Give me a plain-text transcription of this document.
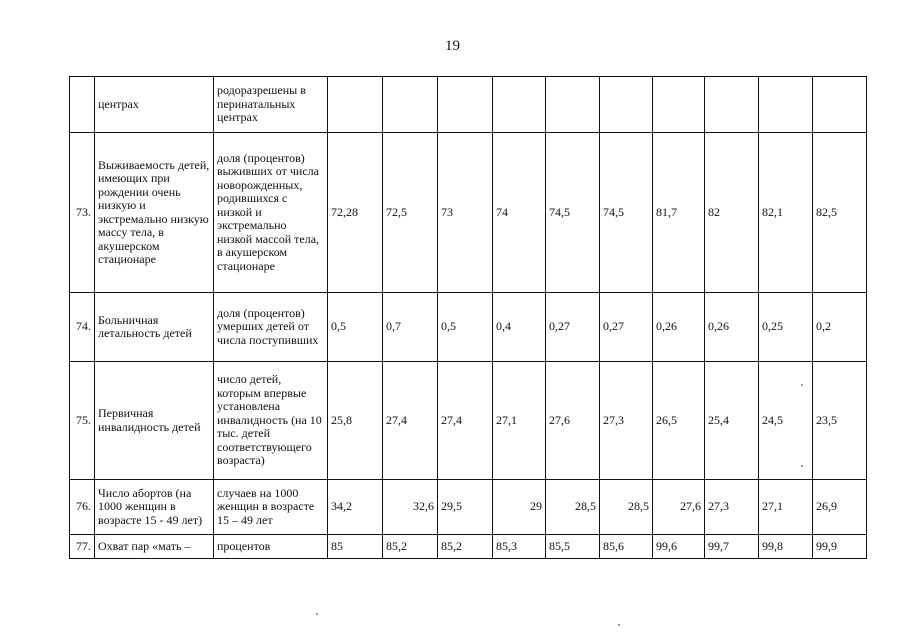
19
	центрах	родоразрешены в перинатальных центрах										
73.	Выживаемость детей, имеющих при рождении очень низкую и экстремально низкую массу тела, в акушерском стационаре	доля (процентов) выживших от числа новорожденных, родившихся с низкой и экстремально низкой массой тела, в акушерском стационаре	72,28	72,5	73	74	74,5	74,5	81,7	82	82,1	82,5
74.	Больничная летальность детей	доля (процентов) умерших детей от числа поступивших	0,5	0,7	0,5	0,4	0,27	0,27	0,26	0,26	0,25	0,2
75.	Первичная инвалидность детей	число детей, которым впервые установлена инвалидность (на 10 тыс. детей соответствующего возраста)	25,8	27,4	27,4	27,1	27,6	27,3	26,5	25,4	24,5	23,5
76.	Число абортов (на 1000 женщин в возрасте 15 - 49 лет)	случаев на 1000 женщин в возрасте 15 – 49 лет	34,2	32,6	29,5	29	28,5	28,5	27,6	27,3	27,1	26,9
77.	Охват пар «мать –	процентов	85	85,2	85,2	85,3	85,5	85,6	99,6	99,7	99,8	99,9
